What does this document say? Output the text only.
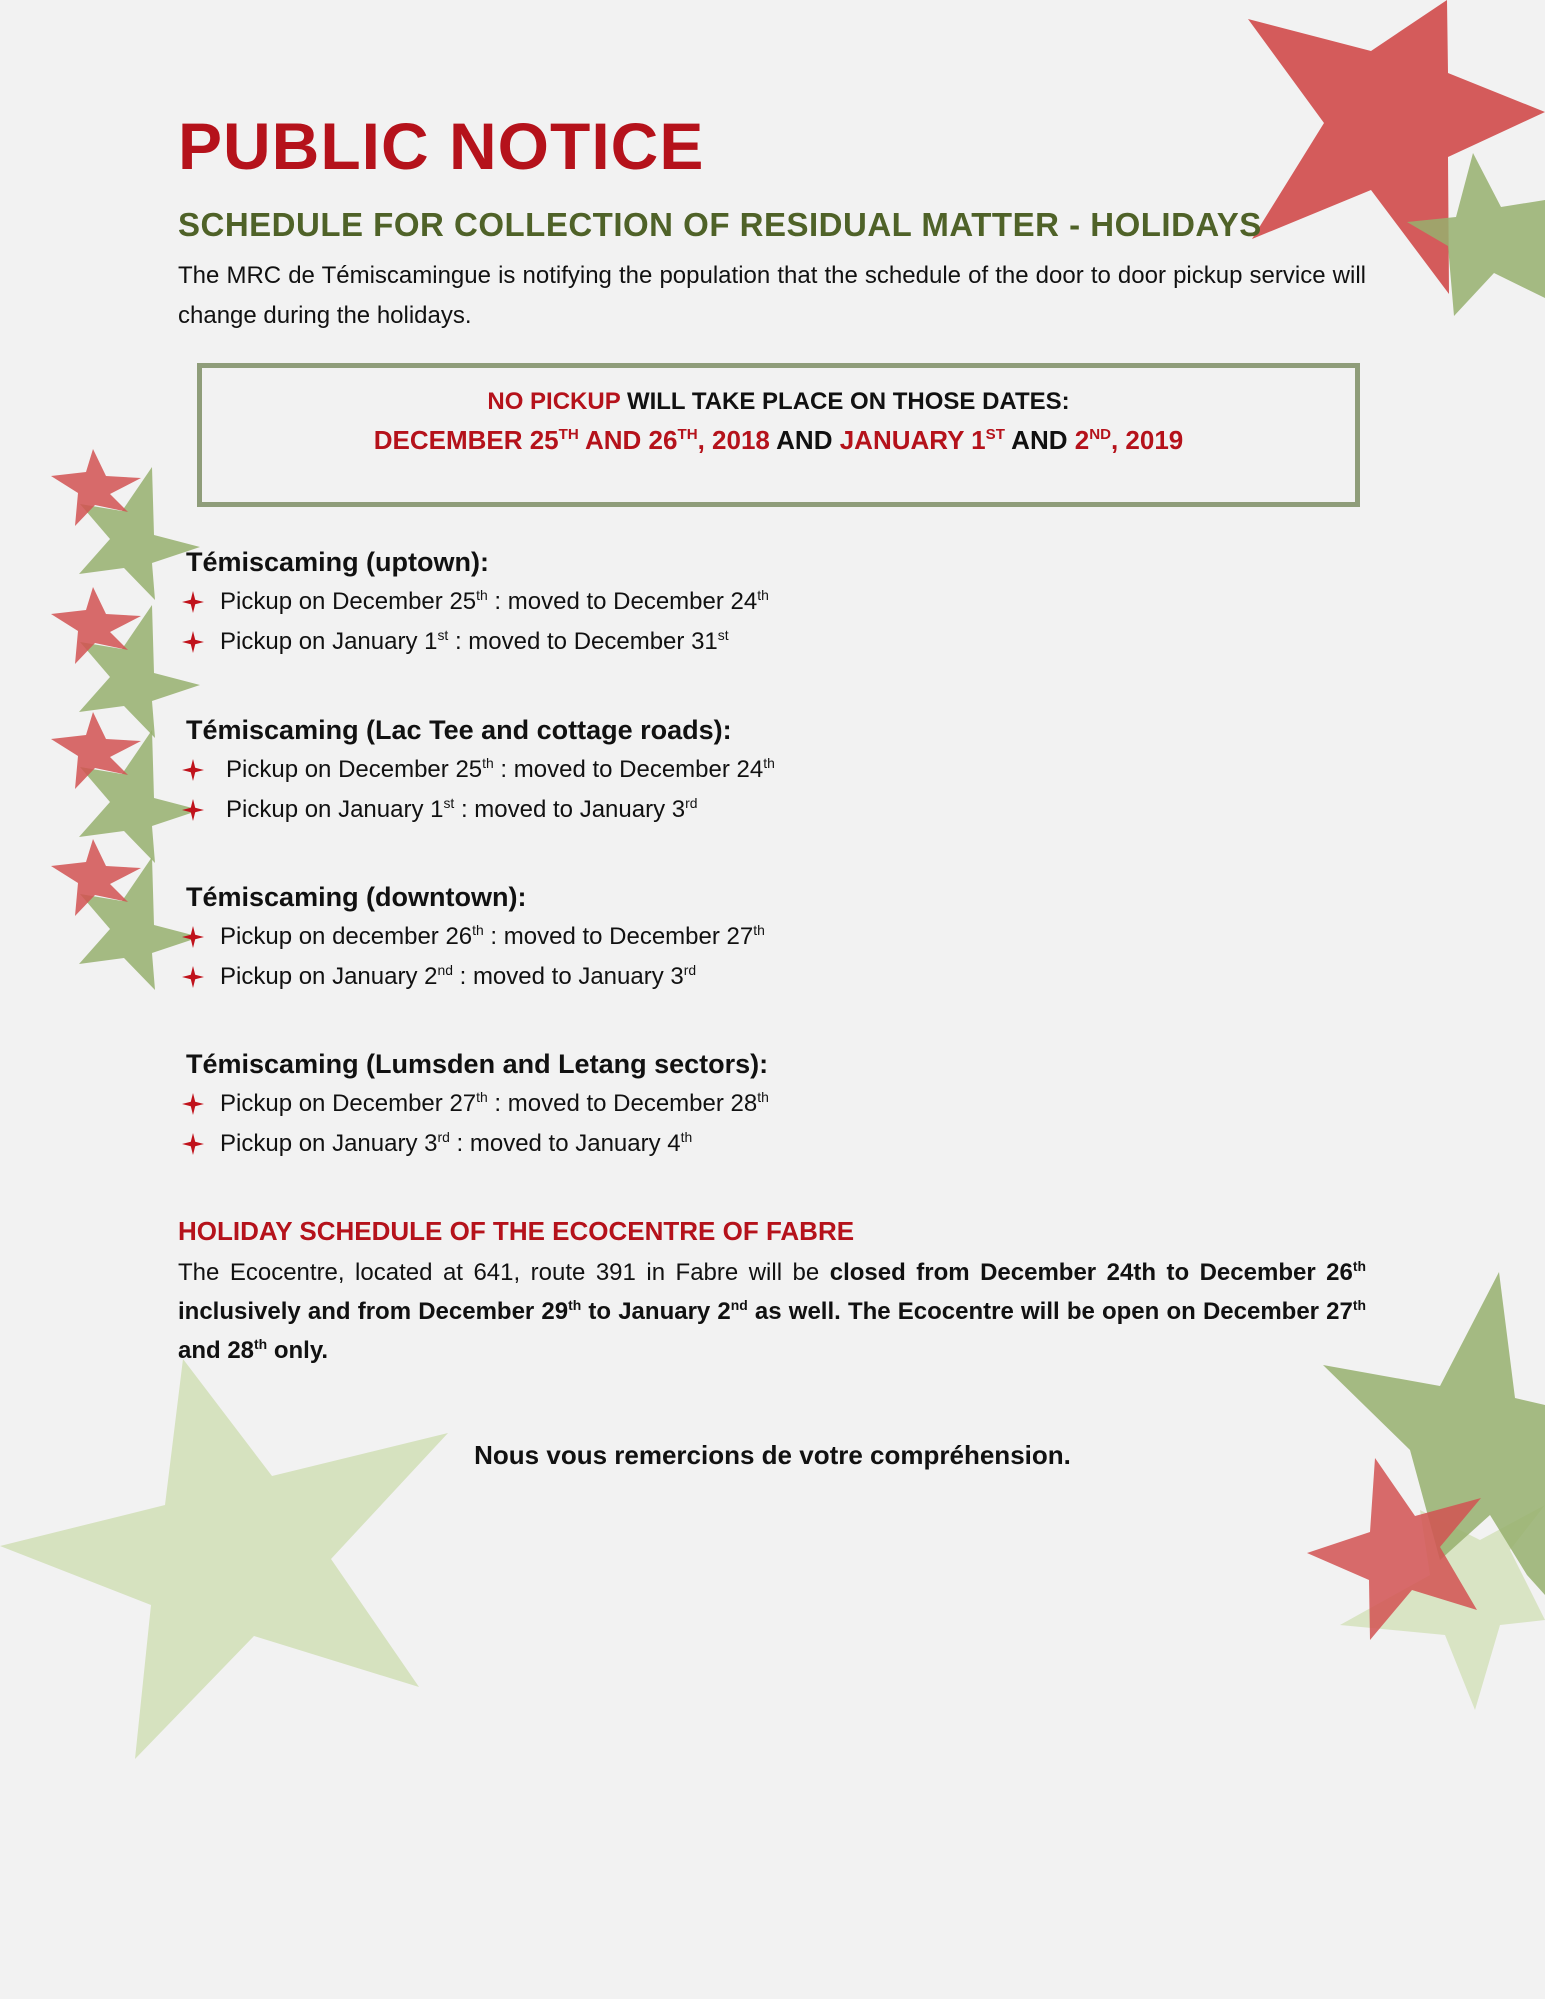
PUBLIC NOTICE
SCHEDULE FOR COLLECTION OF RESIDUAL MATTER - HOLIDAYS
The MRC de Témiscamingue is notifying the population that the schedule of the door to door pickup service will change during the holidays.
NO PICKUP WILL TAKE PLACE ON THOSE DATES:
DECEMBER 25TH AND 26TH, 2018 AND JANUARY 1ST AND 2ND, 2019
Témiscaming (uptown):
Pickup on December 25th : moved to December 24th
Pickup on January 1st : moved to December 31st
Témiscaming (Lac Tee and cottage roads):
Pickup on December 25th : moved to December 24th
Pickup on January 1st : moved to January 3rd
Témiscaming (downtown):
Pickup on december 26th : moved to December 27th
Pickup on January 2nd : moved to January 3rd
Témiscaming (Lumsden and Letang sectors):
Pickup on December 27th : moved to December 28th
Pickup on January 3rd : moved to January 4th
HOLIDAY SCHEDULE OF THE ECOCENTRE OF FABRE
The Ecocentre, located at 641, route 391 in Fabre will be closed from December 24th to December 26th inclusively and from December 29th to January 2nd as well. The Ecocentre will be open on December 27th and 28th only.
Nous vous remercions de votre compréhension.
